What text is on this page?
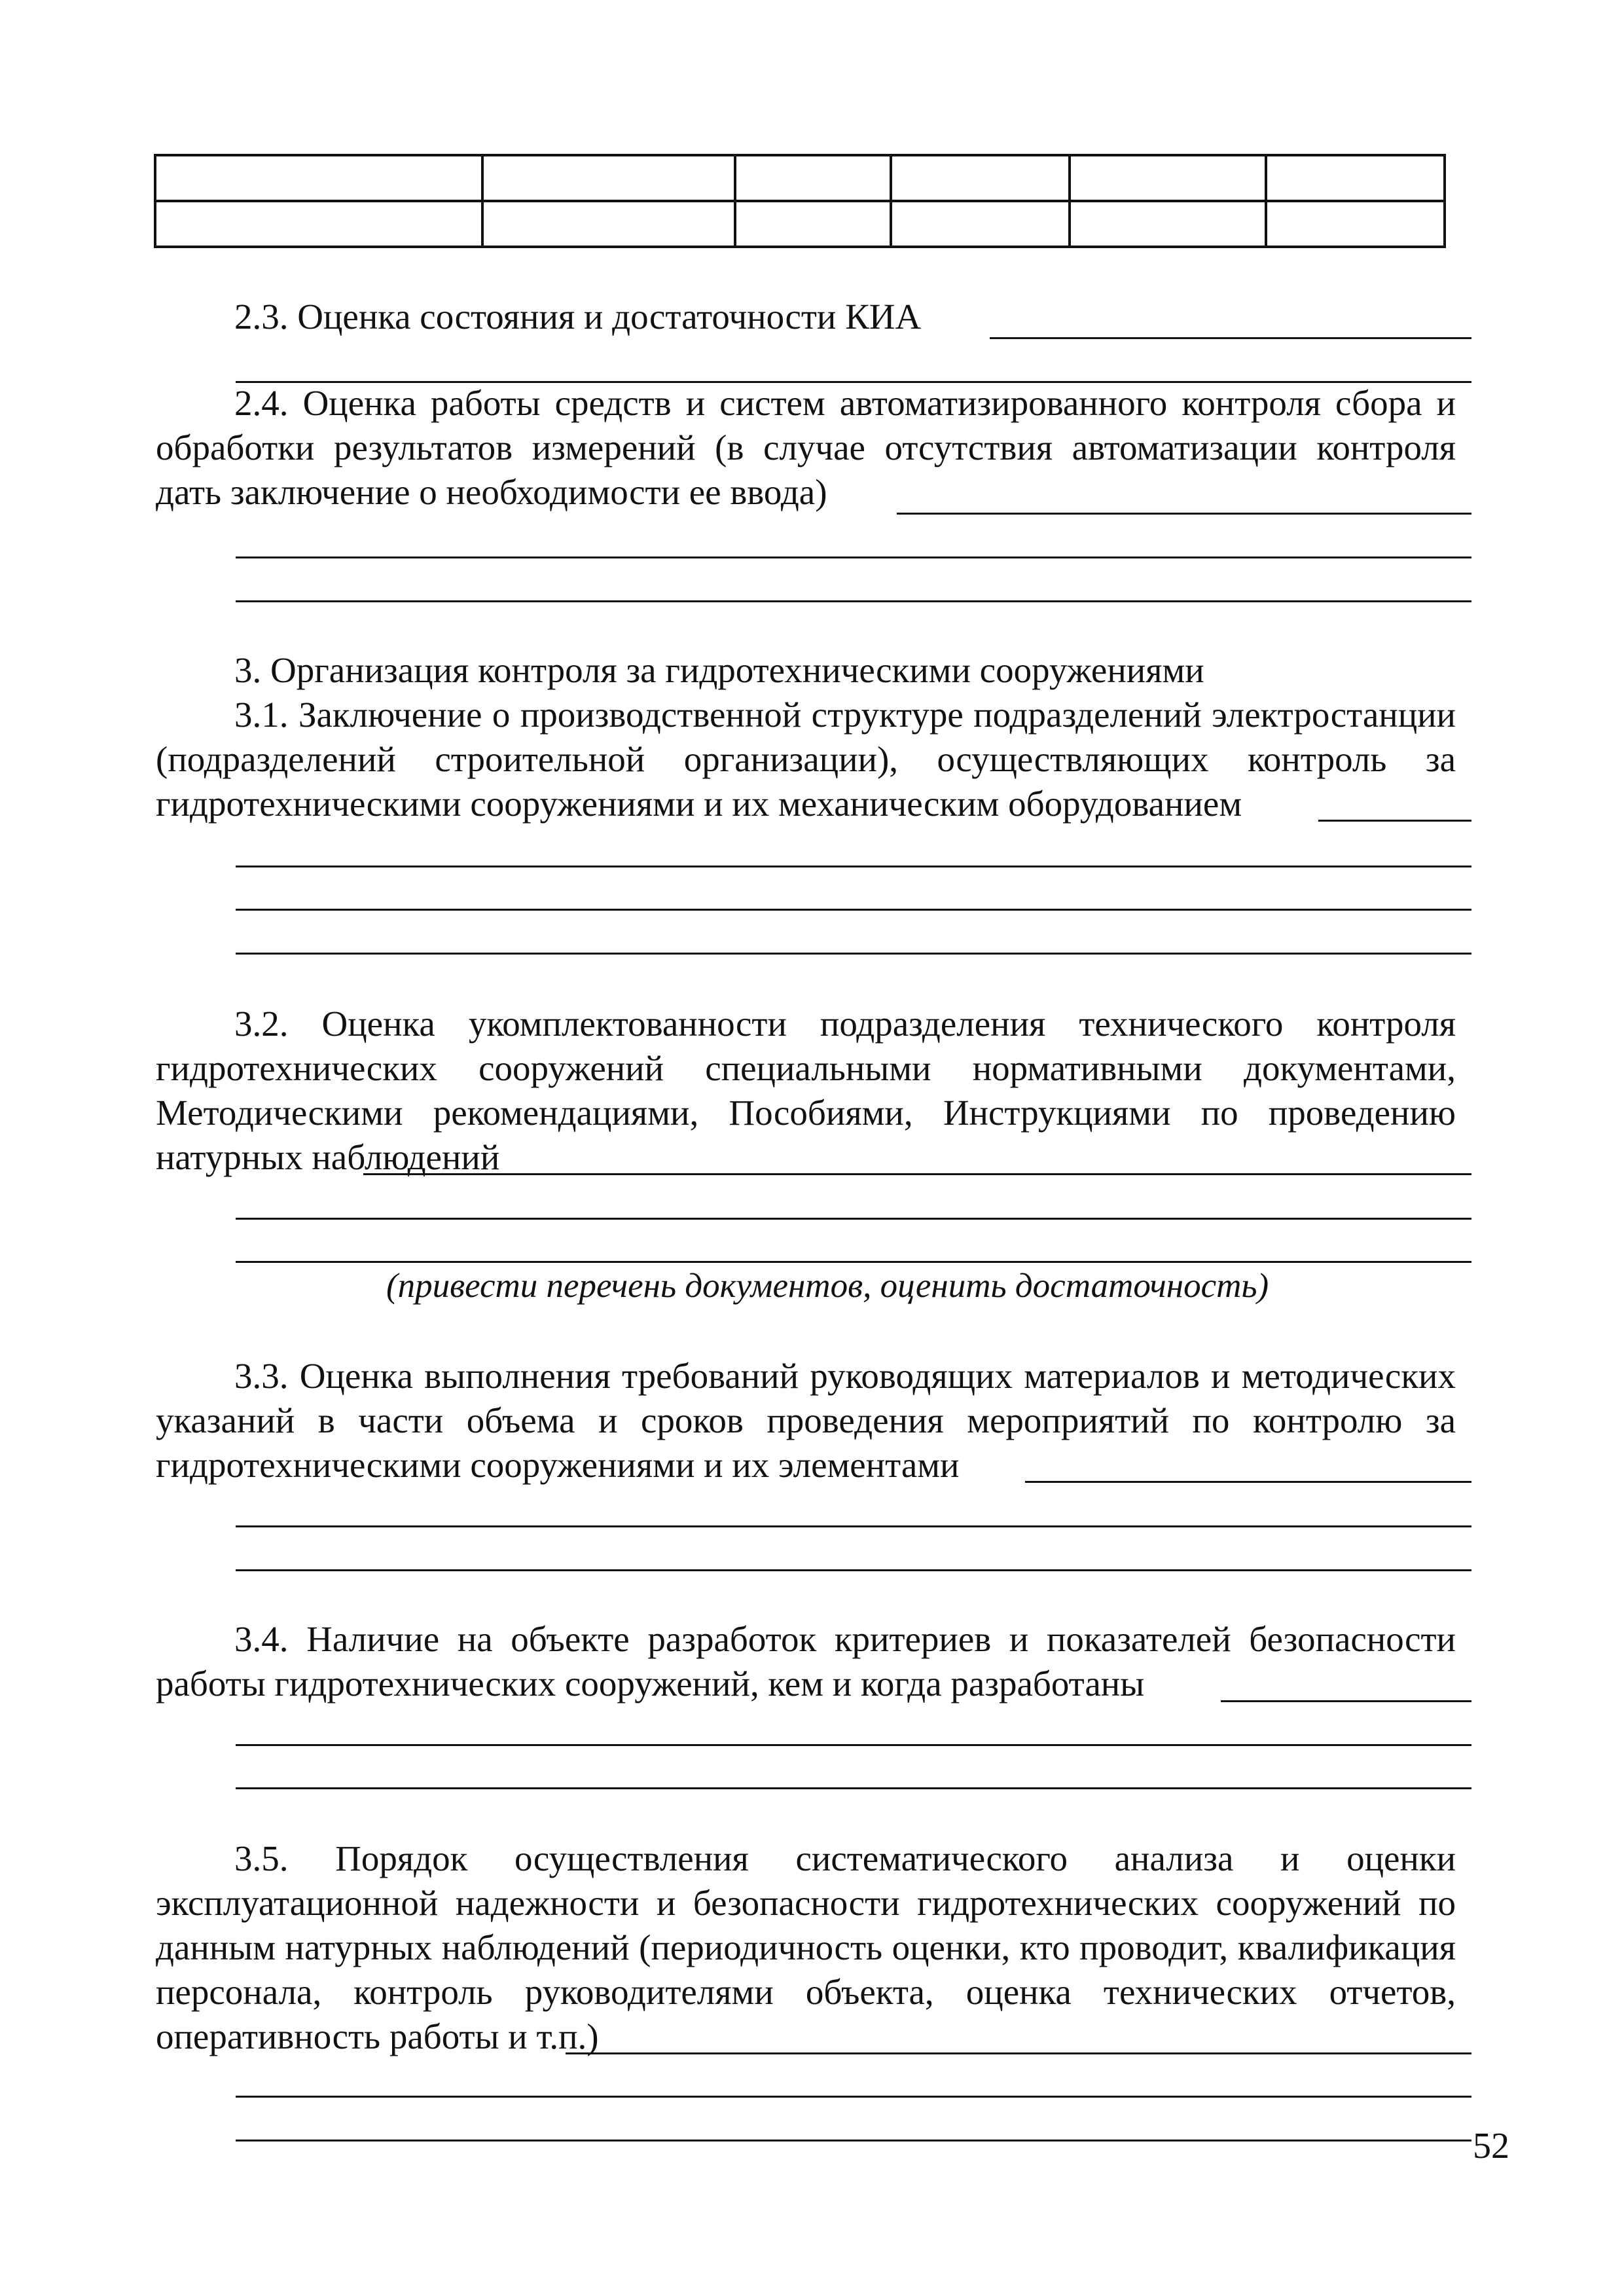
2.3. Оценка состояния и достаточности КИА

2.4. Оценка работы средств и систем автоматизированного контроля сбора и обработки результатов измерений (в случае отсутствия автоматизации контроля дать заключение о необходимости ее ввода)

3. Организация контроля за гидротехническими сооружениями

3.1. Заключение о производственной структуре подразделений электростанции (подразделений строительной организации), осуществляющих контроль за гидротехническими сооружениями и их механическим оборудованием

3.2. Оценка укомплектованности подразделения технического контроля гидротехнических сооружений специальными нормативными документами, Методическими рекомендациями, Пособиями, Инструкциями по проведению натурных наблюдений

(привести перечень документов, оценить достаточность)

3.3. Оценка выполнения требований руководящих материалов и методических указаний в части объема и сроков проведения мероприятий по контролю за гидротехническими сооружениями и их элементами

3.4. Наличие на объекте разработок критериев и показателей безопасности работы гидротехнических сооружений, кем и когда разработаны

3.5. Порядок осуществления систематического анализа и оценки эксплуатационной надежности и безопасности гидротехнических сооружений по данным натурных наблюдений (периодичность оценки, кто проводит, квалификация персонала, контроль руководителями объекта, оценка технических отчетов, оперативность работы и т.п.)

52
